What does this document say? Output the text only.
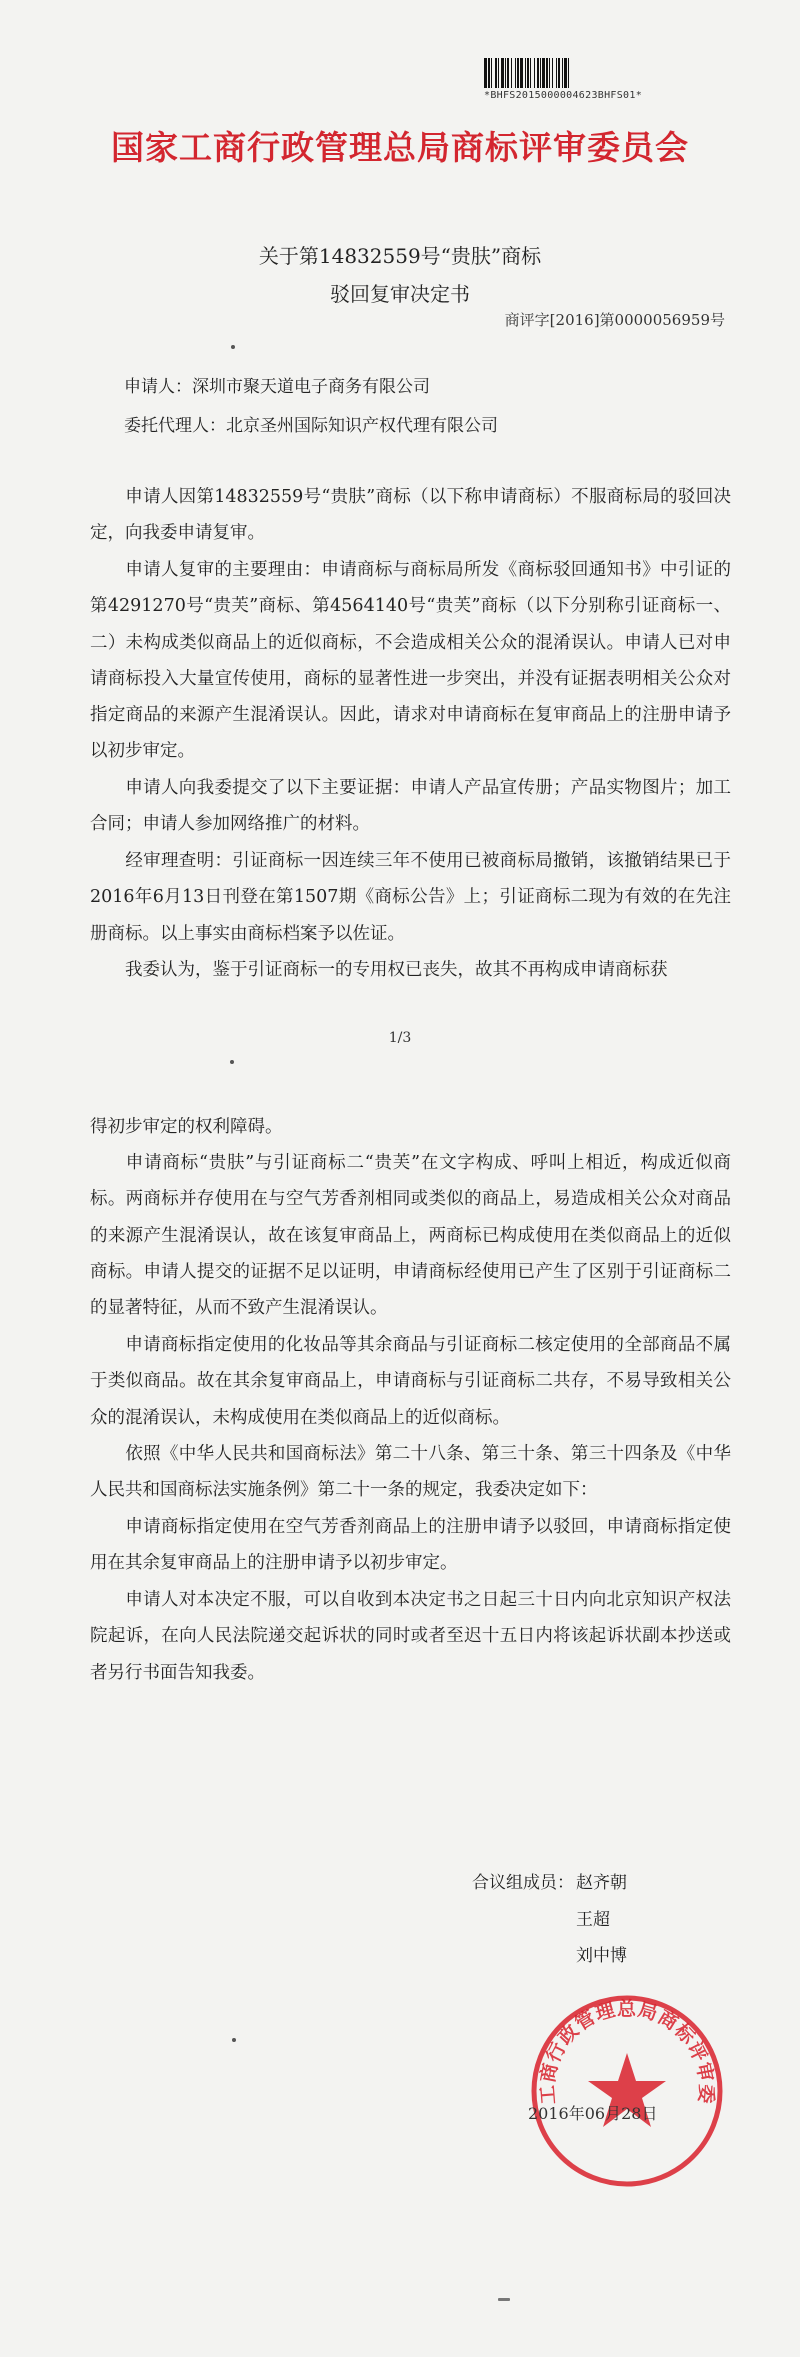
*BHFS2015000004623BHFS01*
国家工商行政管理总局商标评审委员会
关于第14832559号“贵肤”商标
驳回复审决定书
商评字[2016]第0000056959号
申请人：深圳市聚天道电子商务有限公司
委托代理人：北京圣州国际知识产权代理有限公司
申请人因第14832559号“贵肤”商标（以下称申请商标）不服商标局的驳回决定，向我委申请复审。
申请人复审的主要理由：申请商标与商标局所发《商标驳回通知书》中引证的第4291270号“贵芙”商标、第4564140号“贵芙”商标（以下分别称引证商标一、二）未构成类似商品上的近似商标，不会造成相关公众的混淆误认。申请人已对申请商标投入大量宣传使用，商标的显著性进一步突出，并没有证据表明相关公众对指定商品的来源产生混淆误认。因此，请求对申请商标在复审商品上的注册申请予以初步审定。
申请人向我委提交了以下主要证据：申请人产品宣传册；产品实物图片；加工合同；申请人参加网络推广的材料。
经审理查明：引证商标一因连续三年不使用已被商标局撤销，该撤销结果已于2016年6月13日刊登在第1507期《商标公告》上；引证商标二现为有效的在先注册商标。以上事实由商标档案予以佐证。
我委认为，鉴于引证商标一的专用权已丧失，故其不再构成申请商标获
1/3
得初步审定的权利障碍。
申请商标“贵肤”与引证商标二“贵芙”在文字构成、呼叫上相近，构成近似商标。两商标并存使用在与空气芳香剂相同或类似的商品上，易造成相关公众对商品的来源产生混淆误认，故在该复审商品上，两商标已构成使用在类似商品上的近似商标。申请人提交的证据不足以证明，申请商标经使用已产生了区别于引证商标二的显著特征，从而不致产生混淆误认。
申请商标指定使用的化妆品等其余商品与引证商标二核定使用的全部商品不属于类似商品。故在其余复审商品上，申请商标与引证商标二共存，不易导致相关公众的混淆误认，未构成使用在类似商品上的近似商标。
依照《中华人民共和国商标法》第二十八条、第三十条、第三十四条及《中华人民共和国商标法实施条例》第二十一条的规定，我委决定如下：
申请商标指定使用在空气芳香剂商品上的注册申请予以驳回，申请商标指定使用在其余复审商品上的注册申请予以初步审定。
申请人对本决定不服，可以自收到本决定书之日起三十日内向北京知识产权法院起诉，在向人民法院递交起诉状的同时或者至迟十五日内将该起诉状副本抄送或者另行书面告知我委。
合议组成员： 赵齐朝
王超
刘中博
工商行政管理总局商标评审委
2016年06月28日
